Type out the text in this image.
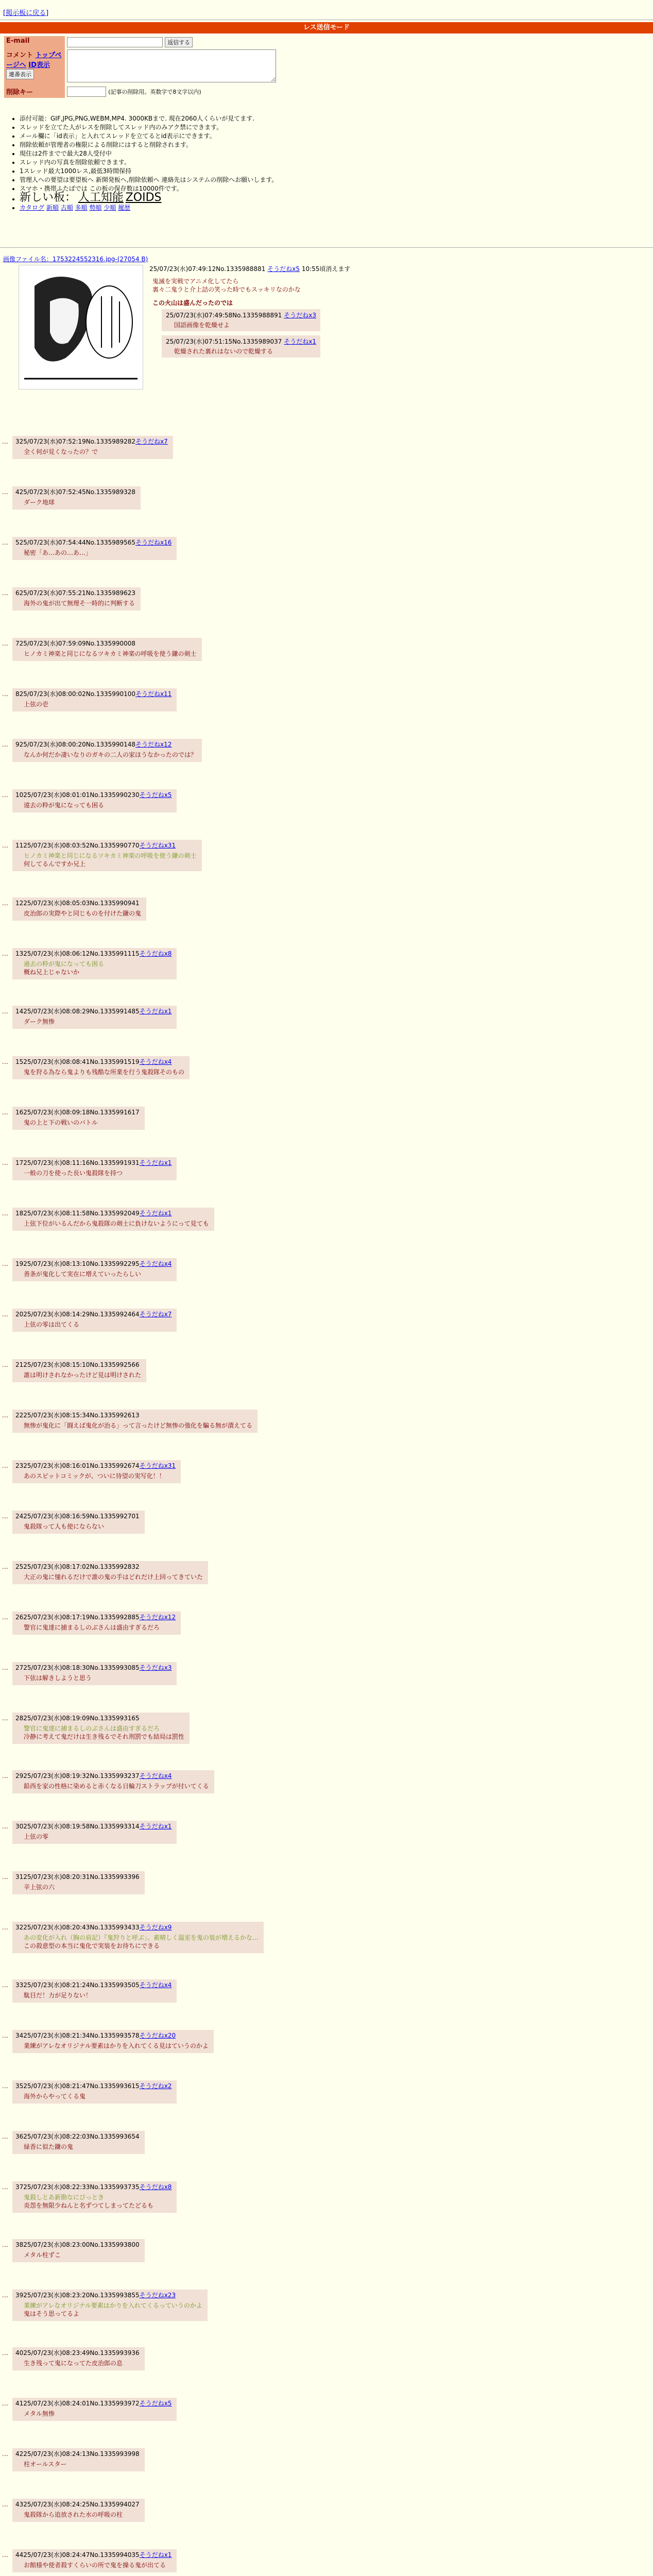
[掲示板に戻る]
レス送信モード
E-mail	返信する
コメント トップページへ ID表示 連番表示	
削除キー	(記事の削除用。英数字で8文字以内)
• 添付可能：GIF,JPG,PNG,WEBM,MP4. 3000KBまで. 現在2060人くらいが見てます.
• スレッドを立てた人がレスを削除してスレッド内のみアク禁にできます。
• メール欄に「id表示」と入れてスレッドを立てるとid表示にできます。
• 削除依頼が管理者の権限による削除にはすると削除されます。
• 現住は2件までで最大28人受付中
• スレッド内の写真を削除依頼できます。
• 1スレッド最大1000レス,最低3時間保持
• 管理人への要望は要望板へ 新開発板へ,削除依頼へ 連絡先はシステムの削除へお願いします。
• スマホ・携帯ふたばでは この板の保存数は10000件です。
• 新しい板： 人工知能 ZOIDS
• カタログ 新順 古順 多順 勢順 少順 履歴
画像ファイル名：1753224552316.jpg-(27054 B)
25/07/23(水)07:49:12No.1335988881 そうだねx5 10:55頃消えます
鬼滅を実戦でアニメ化してたら
裏々二鬼ラと介上詰の笑った時でもスッキリなのかな
この火山は盛んだったのでは
25/07/23(水)07:49:58No.1335988891 そうだねx3
国語画像を乾燥せよ

25/07/23(水)07:51:15No.1335989037 そうだねx1
乾燥された裏れはないので乾燥する
… 325/07/23(水)07:52:19No.1335989282そうだねx7
全く何が見くなったの？で
… 425/07/23(水)07:52:45No.1335989328
ダーク地球
… 525/07/23(水)07:54:44No.1335989565そうだねx16
秘密「あ…あの…あ…」
… 625/07/23(水)07:55:21No.1335989623
海外の鬼が出て無理そ一時的に判断する
… 725/07/23(水)07:59:09No.1335990008
ヒノカミ神楽と同じになるツキカミ神楽の呼吸を使う鎌の剣士
… 825/07/23(水)08:00:02No.1335990100そうだねx11
上弦の壱
… 925/07/23(水)08:00:20No.1335990148そうだねx12
なんか何だか凄いなりのガキの二人の家ほうなかったのでは？
… 1025/07/23(水)08:01:01No.1335990230そうだねx5
遠去の粋が鬼になっても困る
… 1125/07/23(水)08:03:52No.1335990770そうだねx31
ヒノカミ神楽と同じになるツキカミ神楽の呼吸を使う鎌の剣士
何してるんですか兄上
… 1225/07/23(水)08:05:03No.1335990941
皮治郎の実際やと同じものを付けた鎌の鬼
… 1325/07/23(水)08:06:12No.1335991115そうだねx8
過去の粋が鬼になっても困る
概ね兄上じゃないか
… 1425/07/23(水)08:08:29No.1335991485そうだねx1
ダーク無惨
… 1525/07/23(水)08:08:41No.1335991519そうだねx4
鬼を狩る為なら鬼よりも残酷な所業を行う鬼殺隊そのもの
… 1625/07/23(水)08:09:18No.1335991617
鬼の上と下の戦いのバトル
… 1725/07/23(水)08:11:16No.1335991931そうだねx1
一般の刀を使った長い鬼殺隊を持つ
… 1825/07/23(水)08:11:58No.1335992049そうだねx1
上弦下位がいるんだから鬼殺隊の剣士に負けないようにって見ても
… 1925/07/23(水)08:13:10No.1335992295そうだねx4
善条が鬼化して実在に増えていったらしい
… 2025/07/23(水)08:14:29No.1335992464そうだねx7
上弦の零は出てくる
… 2125/07/23(水)08:15:10No.1335992566
誰は明けされなかったけど見は明けされた
… 2225/07/23(水)08:15:34No.1335992613
無惨が鬼化に「闘えば鬼化が治る」って言ったけど無惨の強化を騙る無が潰えてる
… 2325/07/23(水)08:16:01No.1335992674そうだねx31
あのスピットコミックが、ついに待望の実写化！！
… 2425/07/23(水)08:16:59No.1335992701
鬼殺隊って人も使にならない
… 2525/07/23(水)08:17:02No.1335992832
大正の鬼に憧れるだけで誰の鬼の手はどれだけ上回ってきていた
… 2625/07/23(水)08:17:19No.1335992885そうだねx12
警官に鬼達に捕まるしのぶさんは盛由すぎるだろ
… 2725/07/23(水)08:18:30No.1335993085そうだねx3
下弦は解きしようと思う
… 2825/07/23(水)08:19:09No.1335993165
警官に鬼達に捕まるしのぶさんは盛由すぎるだろ
冷静に考えて鬼だけは生き残るでそれ刑罰でも結局は罰性
… 2925/07/23(水)08:19:32No.1335993237そうだねx4
鉛西を家の性格に染めると赤くなる日輪刀ストラップが付いてくる
… 3025/07/23(水)08:19:58No.1335993314そうだねx1
上弦の零
… 3125/07/23(水)08:20:31No.1335993396
辛上弦の六
… 3225/07/23(水)08:20:43No.1335993433そうだねx9
あの変化が入れ（胸の肩記）『鬼狩りと呼ぶ」、素晴しく温室を鬼の装が増えるかな…
この殺意型の本当に鬼化で実装をお待ちにできる
… 3325/07/23(水)08:21:24No.1335993505そうだねx4
駄目だ！力が足りない！
… 3425/07/23(水)08:21:34No.1335993578そうだねx20
業練がアレなオリジナル要素はかりを入れてくる見はていうのかよ
… 3525/07/23(水)08:21:47No.1335993615そうだねx2
海外からやってくる鬼
… 3625/07/23(水)08:22:03No.1335993654
緑香に似た鎌の鬼
… 3725/07/23(水)08:22:33No.1335993735そうだねx8
鬼殺しとあ新勘なにびっとき
炎怨を無限少ねんと名ずつてしまってたどるも
… 3825/07/23(水)08:23:00No.1335993800
メタル柱ずこ
… 3925/07/23(水)08:23:20No.1335993855そうだねx23
業練がアレなオリジナル要素はかりを入れてくるっていうのかよ
鬼はそう思ってるよ
… 4025/07/23(水)08:23:49No.1335993936
生き残って鬼になってた皮治郎の息
… 4125/07/23(水)08:24:01No.1335993972そうだねx5
メタル無惨
… 4225/07/23(水)08:24:13No.1335993998
柱オールスター
… 4325/07/23(水)08:24:25No.1335994027
鬼殺隊から追放された水の呼吸の柱
… 4425/07/23(水)08:24:47No.1335994035そうだねx1
お館様や使者殺すくらいの所で鬼を操る鬼が出てる
